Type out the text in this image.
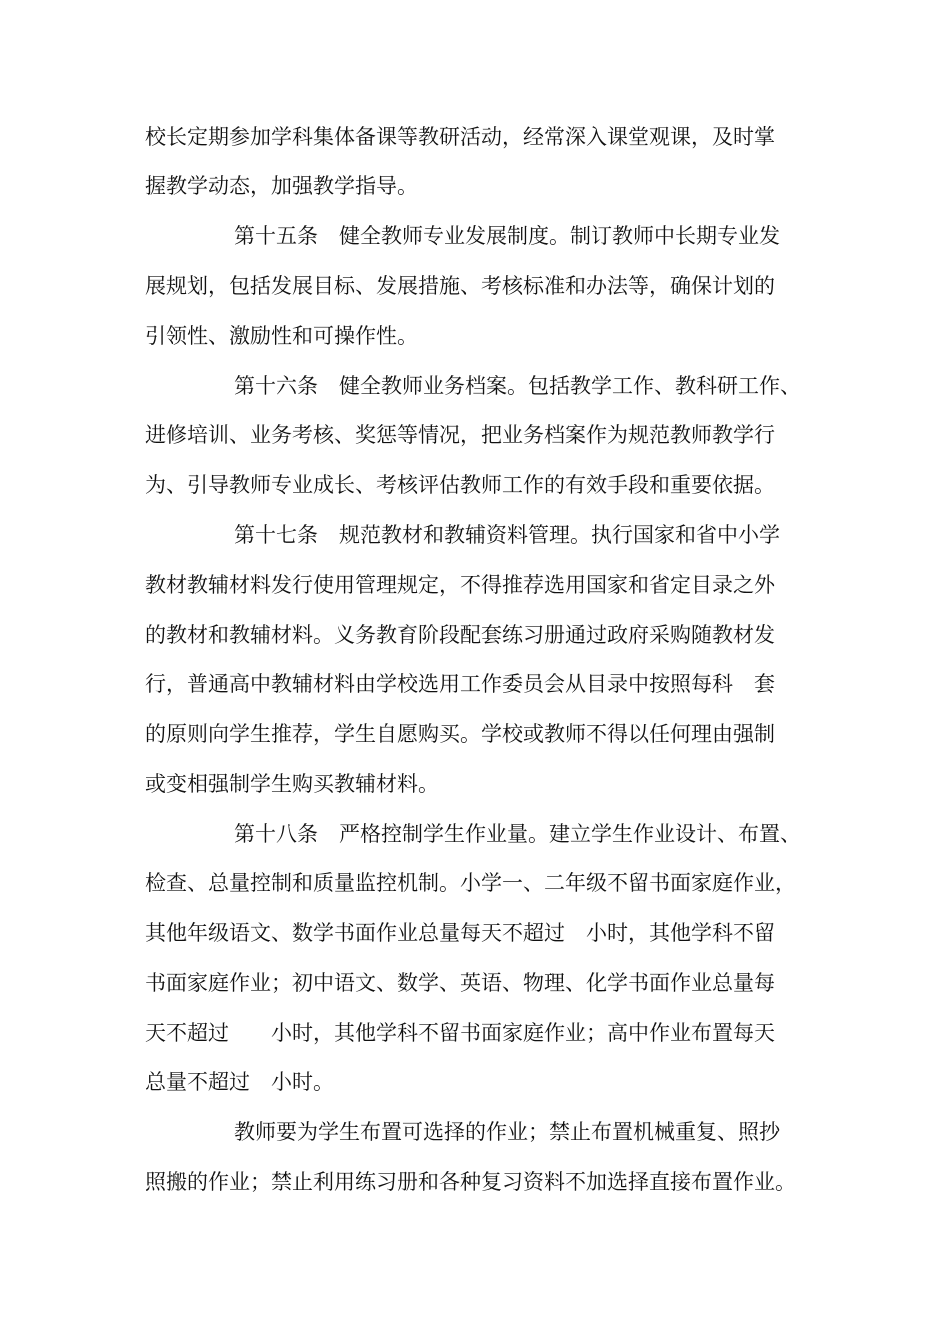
校长定期参加学科集体备课等教研活动，经常深入课堂观课，及时掌
握教学动态，加强教学指导。
第十五条　健全教师专业发展制度。制订教师中长期专业发
展规划，包括发展目标、发展措施、考核标准和办法等，确保计划的
引领性、激励性和可操作性。
第十六条　健全教师业务档案。包括教学工作、教科研工作、
进修培训、业务考核、奖惩等情况，把业务档案作为规范教师教学行
为、引导教师专业成长、考核评估教师工作的有效手段和重要依据。
第十七条　规范教材和教辅资料管理。执行国家和省中小学
教材教辅材料发行使用管理规定，不得推荐选用国家和省定目录之外
的教材和教辅材料。义务教育阶段配套练习册通过政府采购随教材发
行，普通高中教辅材料由学校选用工作委员会从目录中按照每科　套
的原则向学生推荐，学生自愿购买。学校或教师不得以任何理由强制
或变相强制学生购买教辅材料。
第十八条　严格控制学生作业量。建立学生作业设计、布置、
检查、总量控制和质量监控机制。小学一、二年级不留书面家庭作业，
其他年级语文、数学书面作业总量每天不超过　小时，其他学科不留
书面家庭作业；初中语文、数学、英语、物理、化学书面作业总量每
天不超过　　小时，其他学科不留书面家庭作业；高中作业布置每天
总量不超过　小时。
教师要为学生布置可选择的作业；禁止布置机械重复、照抄
照搬的作业；禁止利用练习册和各种复习资料不加选择直接布置作业。
